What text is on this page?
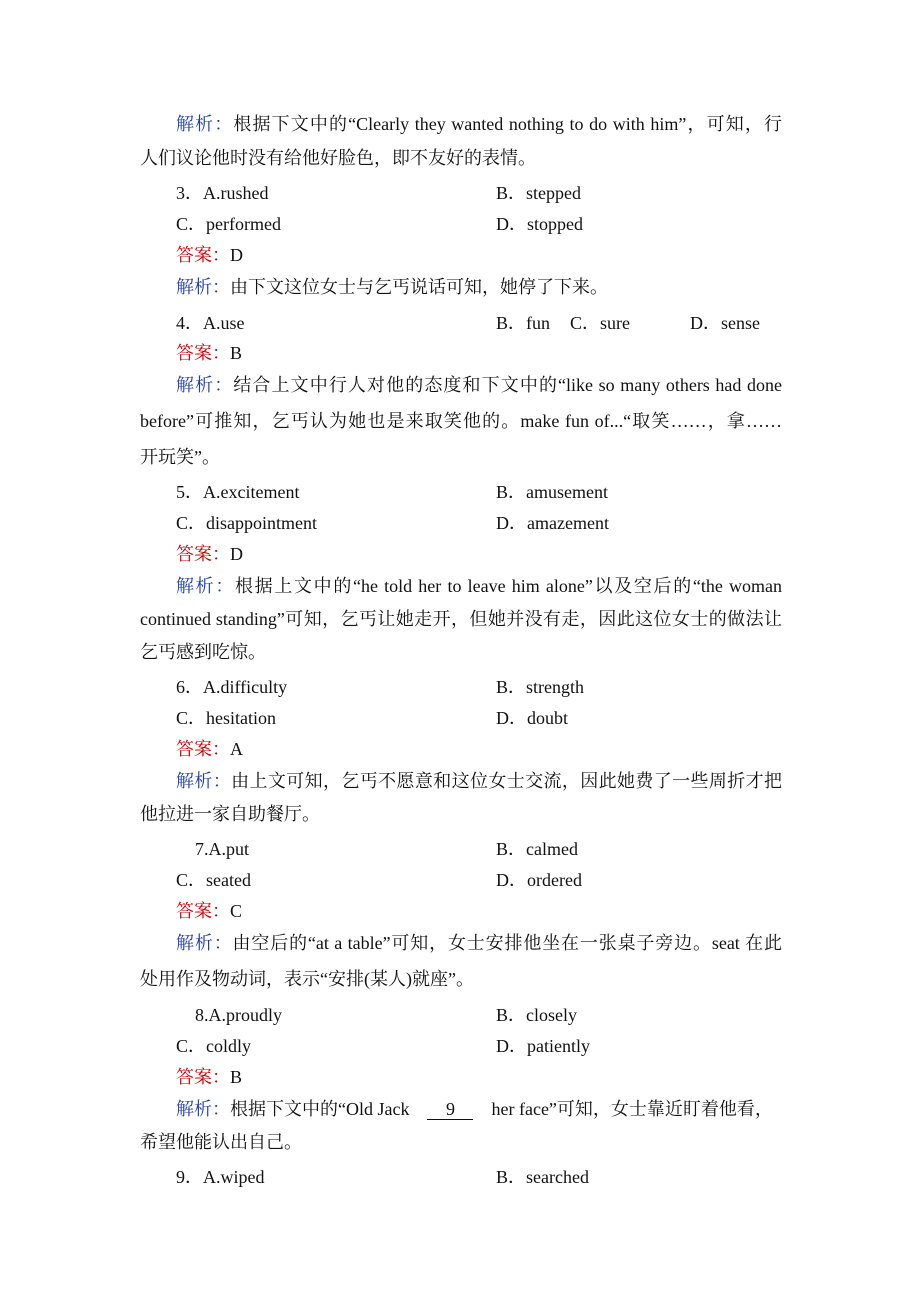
解析：根据下文中的“Clearly they wanted nothing to do with him”，可知，行
人们议论他时没有给他好脸色，即不友好的表情。
3．A.rushed	B．stepped
C．performed	D．stopped
答案：D
解析：由下文这位女士与乞丐说话可知，她停了下来。
4．A.use	B．fun C．sure	D．sense
答案：B
解析：结合上文中行人对他的态度和下文中的“like so many others had done
before”可推知，乞丐认为她也是来取笑他的。make fun of...“取笑……，拿……
开玩笑”。
5．A.excitement	B．amusement
C．disappointment	D．amazement
答案：D
解析：根据上文中的“he told her to leave him alone”以及空后的“the woman
continued standing”可知，乞丐让她走开，但她并没有走，因此这位女士的做法让
乞丐感到吃惊。
6．A.difficulty	B．strength
C．hesitation	D．doubt
答案：A
解析：由上文可知，乞丐不愿意和这位女士交流，因此她费了一些周折才把
他拉进一家自助餐厅。
7.A.put	B．calmed
C．seated	D．ordered
答案：C
解析：由空后的“at a table”可知，女士安排他坐在一张桌子旁边。seat 在此
处用作及物动词，表示“安排(某人)就座”。
8.A.proudly	B．closely
C．coldly	D．patiently
答案：B
解析：根据下文中的“Old Jack 9 her face”可知，女士靠近盯着他看，
希望他能认出自己。
9．A.wiped	B．searched
